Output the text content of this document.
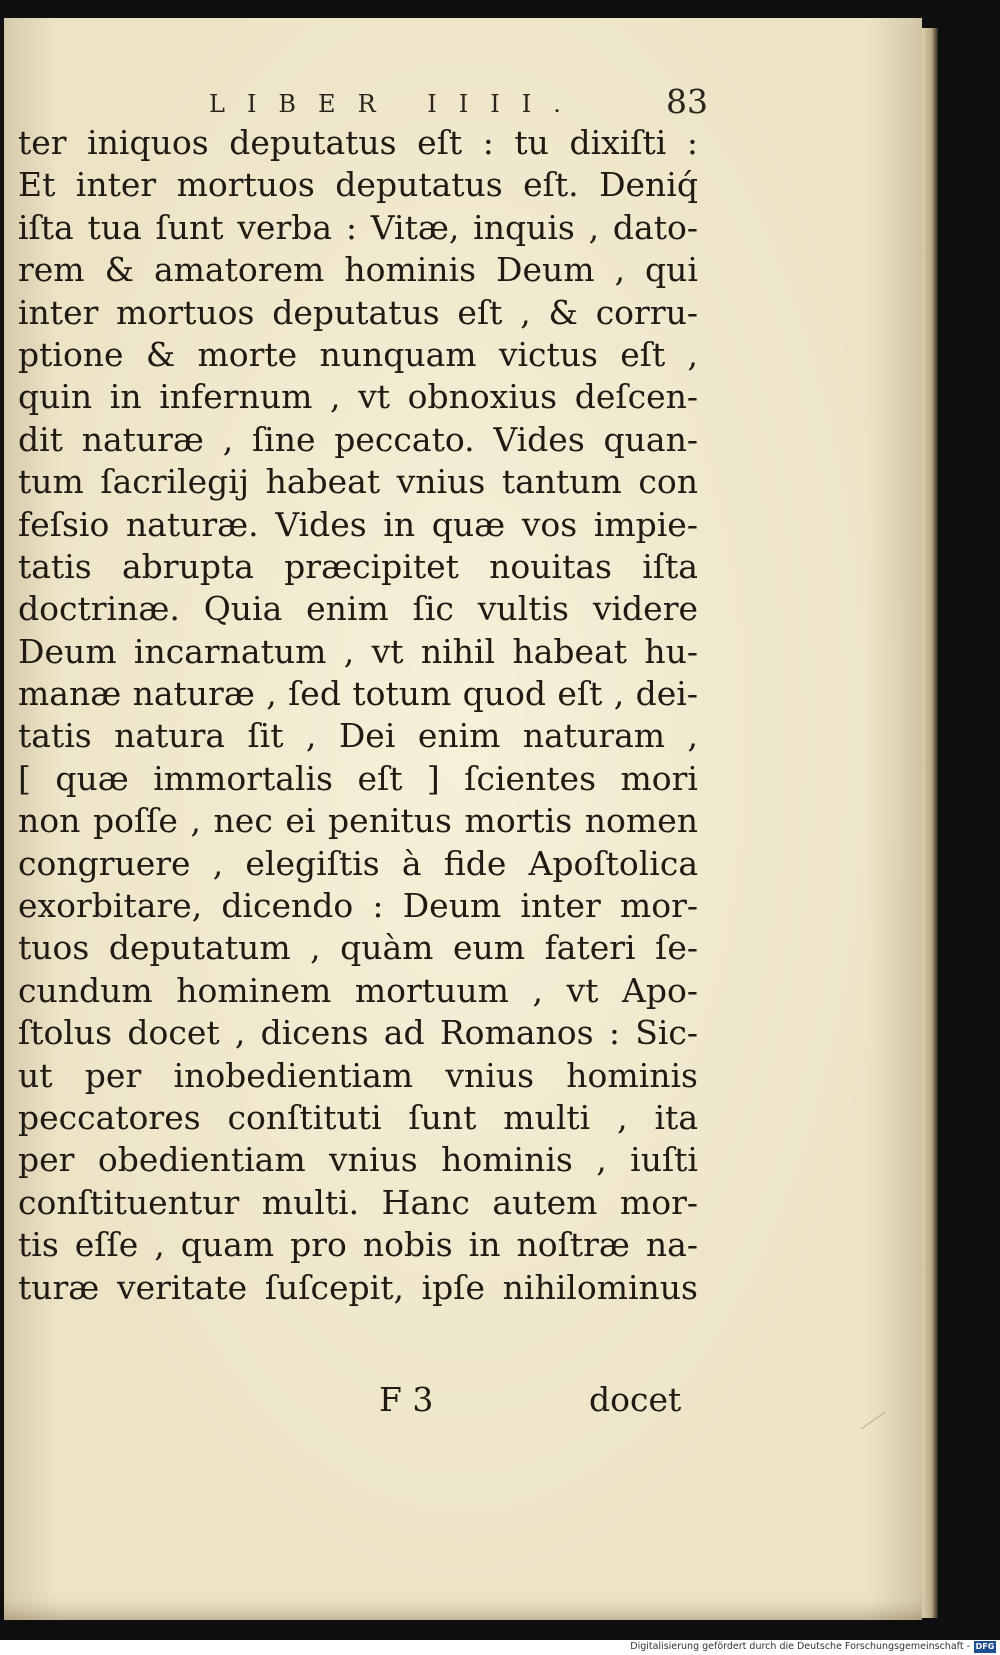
LIBER IIII.	83
ter iniquos deputatus eſt : tu dixiſti :
Et inter mortuos deputatus eſt. Deniq́
iſta tua ſunt verba : Vitæ, inquis , dato-
rem & amatorem hominis Deum , qui
inter mortuos deputatus eſt , & corru-
ptione & morte nunquam victus eſt ,
quin in infernum , vt obnoxius deſcen-
dit naturæ , ſine peccato. Vides quan-
tum ſacrilegij habeat vnius tantum con
feſsio naturæ. Vides in quæ vos impie-
tatis abrupta præcipitet nouitas iſta
doctrinæ. Quia enim ſic vultis videre
Deum incarnatum , vt nihil habeat hu-
manæ naturæ , ſed totum quod eſt , dei-
tatis natura ſit , Dei enim naturam ,
[ quæ immortalis eſt ] ſcientes mori
non poſſe , nec ei penitus mortis nomen
congruere , elegiſtis à fide Apoſtolica
exorbitare, dicendo : Deum inter mor-
tuos deputatum , quàm eum fateri ſe-
cundum hominem mortuum , vt Apo-
ſtolus docet , dicens ad Romanos : Sic-
ut per inobedientiam vnius hominis
peccatores conſtituti ſunt multi , ita
per obedientiam vnius hominis , iuſti
conſtituentur multi. Hanc autem mor-
tis eſſe , quam pro nobis in noſtræ na-
turæ veritate ſuſcepit, ipſe nihilominus
F 3	docet
Digitalisierung gefördert durch die Deutsche Forschungsgemeinschaft - DFG
